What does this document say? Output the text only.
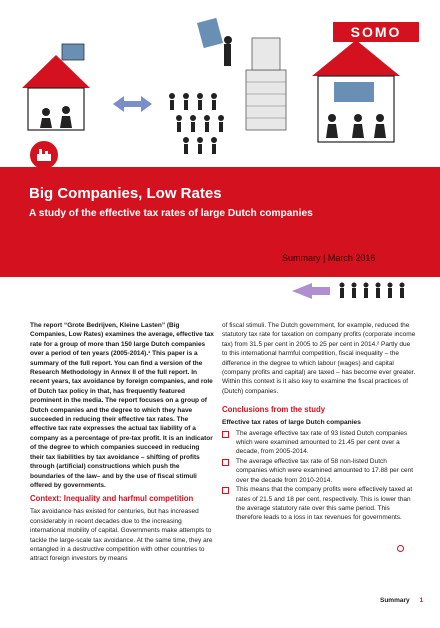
SOMO
Big Companies, Low Rates
A study of the effective tax rates of large Dutch companies
Summary | March 2016

The report “Grote Bedrijven, Kleine Lasten” (Big Companies, Low Rates) examines the average, effective tax rate for a group of more than 150 large Dutch companies over a period of ten years (2005-2014).¹ This paper is a summary of the full report. You can find a version of the Research Methodology in Annex II of the full report. In recent years, tax avoidance by foreign companies, and role of Dutch tax policy in that, has frequently featured prominent in the media. The report focuses on a group of Dutch companies and the degree to which they have succeeded in reducing their effective tax rates. The effective tax rate expresses the actual tax liability of a company as a percentage of pre-tax profit. It is an indicator of the degree to which companies succeed in reducing their tax liabilities by tax avoidance – shifting of profits through (artificial) constructions which push the boundaries of the law– and by the use of fiscal stimuli offered by governments.

Context: Inequality and harfmul competition

Tax avoidance has existed for centuries, but has increased considerably in recent decades due to the increasing international mobility of capital. Governments make attempts to tackle the large-scale tax avoidance. At the same time, they are entangled in a destructive competition with other countries to attract foreign investors by means

of fiscal stimuli. The Dutch government, for example, reduced the statutory tax rate for taxation on company profits (corporate income tax) from 31.5 per cent in 2005 to 25 per cent in 2014.² Partly due to this international harmful competition, fiscal inequality – the difference in the degree to which labour (wages) and capital (company profits and capital) are taxed – has become ever greater. Within this context is it also key to examine the fiscal practices of (Dutch) companies.

Conclusions from the study
Effective tax rates of large Dutch companies
The average effective tax rate of 93 listed Dutch companies which were examined amounted to 21.45 per cent over a decade, from 2005-2014.
The average effective tax rate of 58 non-listed Dutch companies which were examined amounted to 17.88 per cent over the decade from 2010-2014.
This means that the company profits were effectively taxed at rates of 21.5 and 18 per cent, respectively. This is lower than the average statutory rate over this same period. This therefore leads to a loss in tax revenues for governments.
Summary 1
